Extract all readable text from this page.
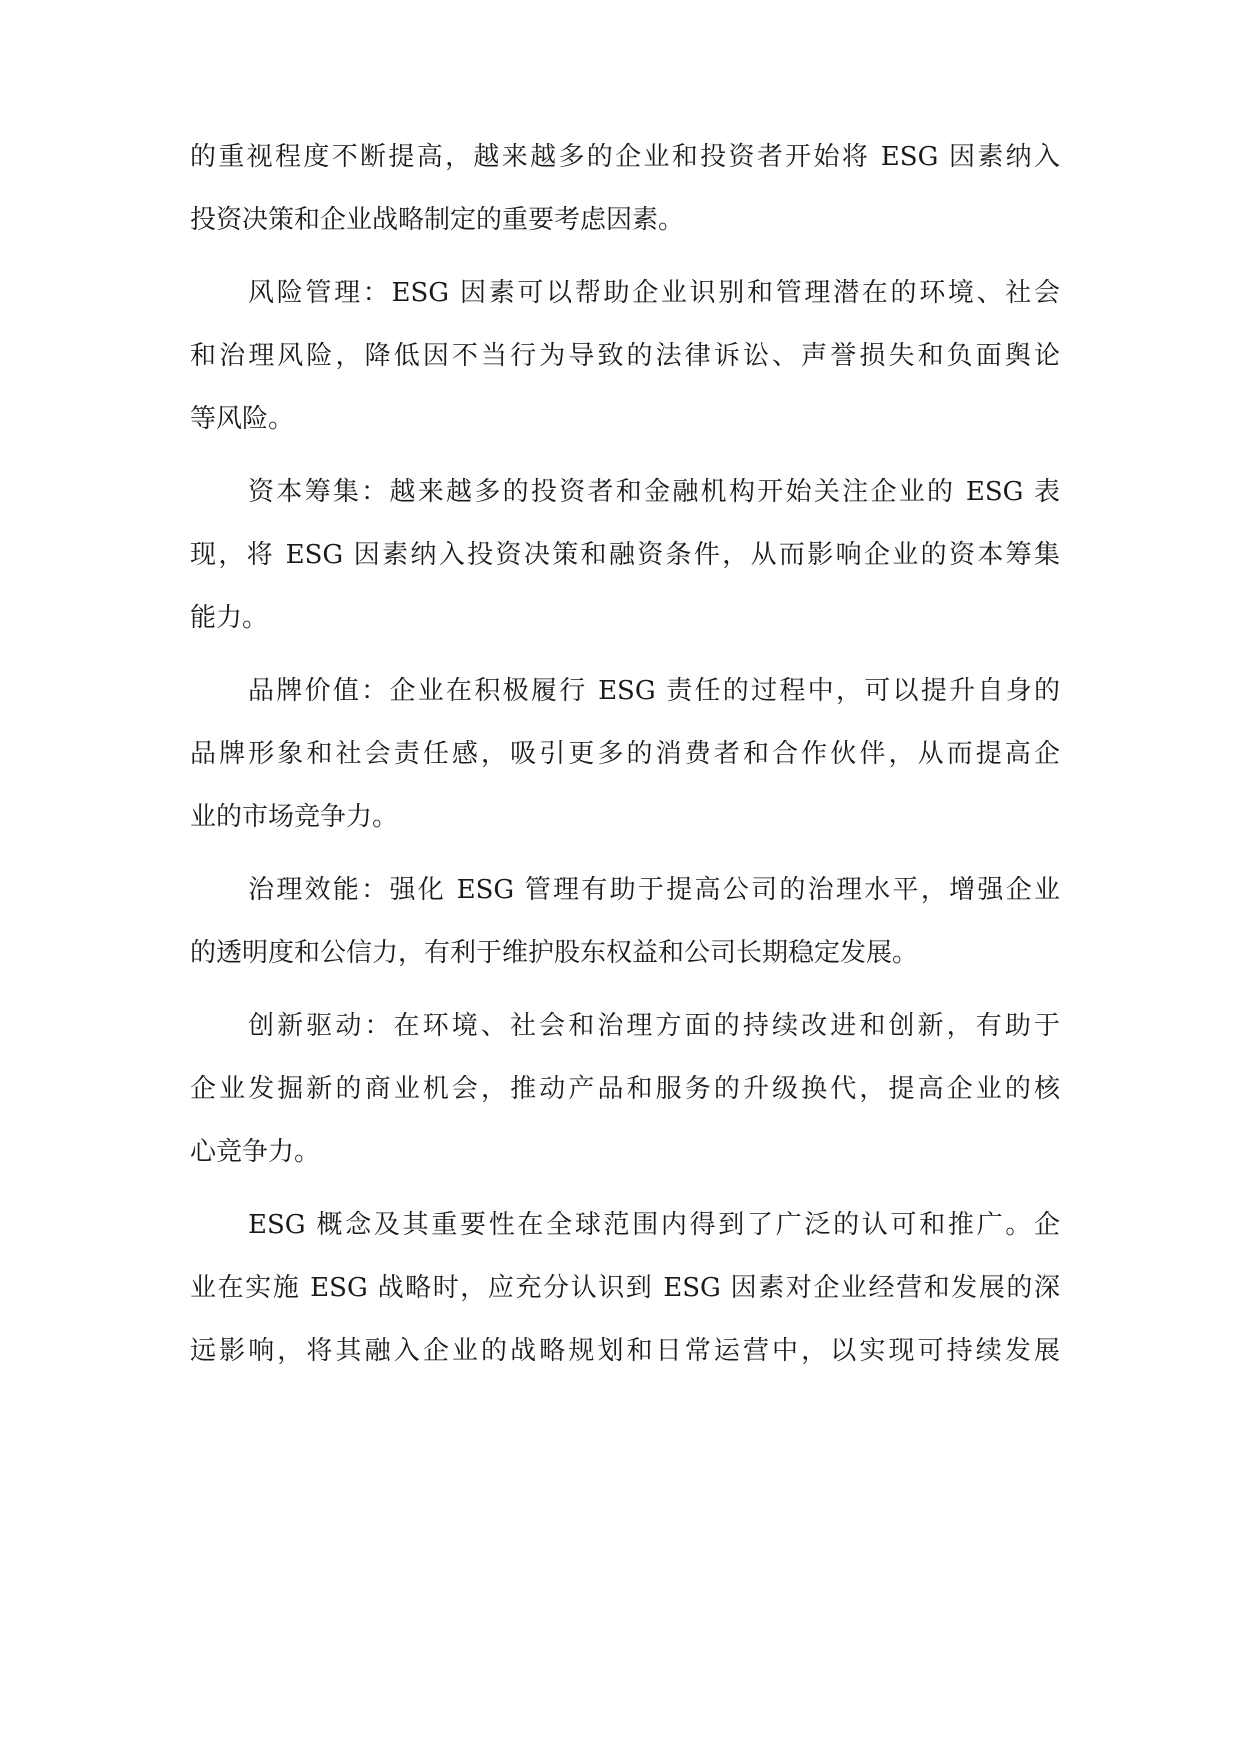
的重视程度不断提高，越来越多的企业和投资者开始将 ESG 因素纳入
投资决策和企业战略制定的重要考虑因素。
风险管理：ESG 因素可以帮助企业识别和管理潜在的环境、社会
和治理风险，降低因不当行为导致的法律诉讼、声誉损失和负面舆论
等风险。
资本筹集：越来越多的投资者和金融机构开始关注企业的 ESG 表
现，将 ESG 因素纳入投资决策和融资条件，从而影响企业的资本筹集
能力。
品牌价值：企业在积极履行 ESG 责任的过程中，可以提升自身的
品牌形象和社会责任感，吸引更多的消费者和合作伙伴，从而提高企
业的市场竞争力。
治理效能：强化 ESG 管理有助于提高公司的治理水平，增强企业
的透明度和公信力，有利于维护股东权益和公司长期稳定发展。
创新驱动：在环境、社会和治理方面的持续改进和创新，有助于
企业发掘新的商业机会，推动产品和服务的升级换代，提高企业的核
心竞争力。
ESG 概念及其重要性在全球范围内得到了广泛的认可和推广。企
业在实施 ESG 战略时，应充分认识到 ESG 因素对企业经营和发展的深
远影响，将其融入企业的战略规划和日常运营中，以实现可持续发展
